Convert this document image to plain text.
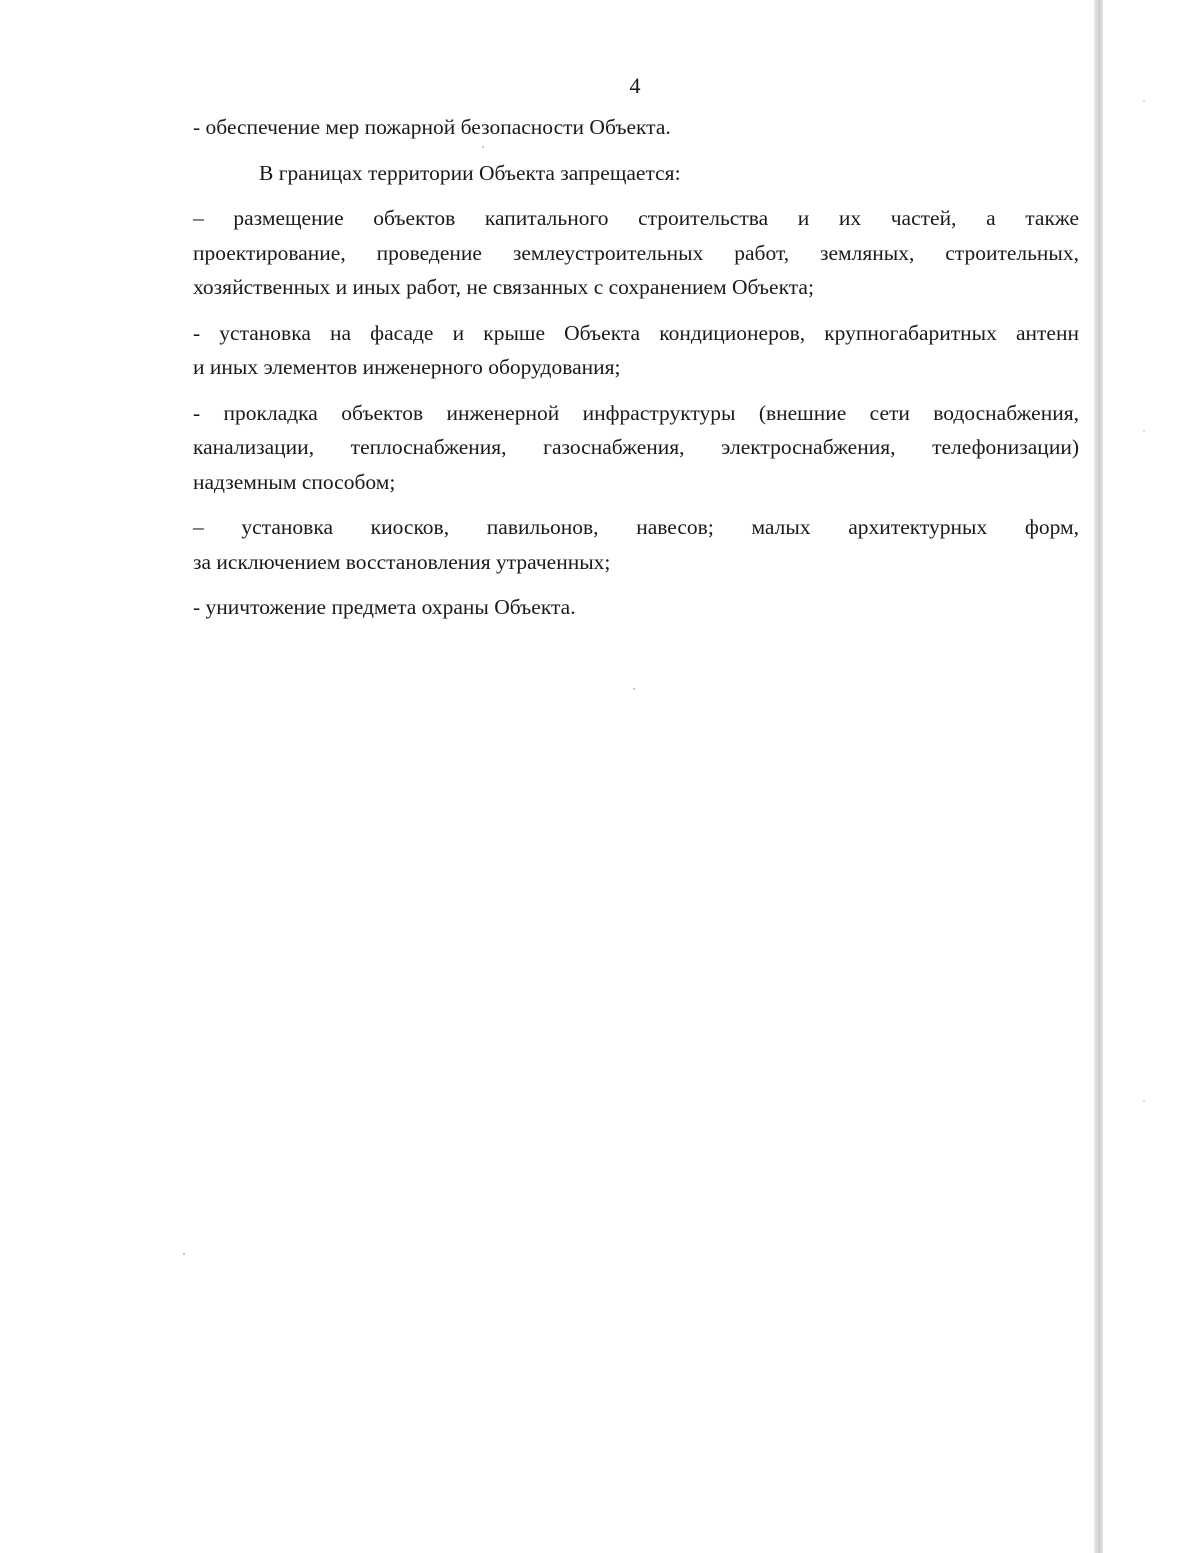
4
- обеспечение мер пожарной безопасности Объекта.
В границах территории Объекта запрещается:
– размещение объектов капитального строительства и их частей, а также
проектирование, проведение землеустроительных работ, земляных, строительных,
хозяйственных и иных работ, не связанных с сохранением Объекта;
- установка на фасаде и крыше Объекта кондиционеров, крупногабаритных антенн
и иных элементов инженерного оборудования;
- прокладка объектов инженерной инфраструктуры (внешние сети водоснабжения,
канализации, теплоснабжения, газоснабжения, электроснабжения, телефонизации)
надземным способом;
– установка киосков, павильонов, навесов; малых архитектурных форм,
за исключением восстановления утраченных;
- уничтожение предмета охраны Объекта.
